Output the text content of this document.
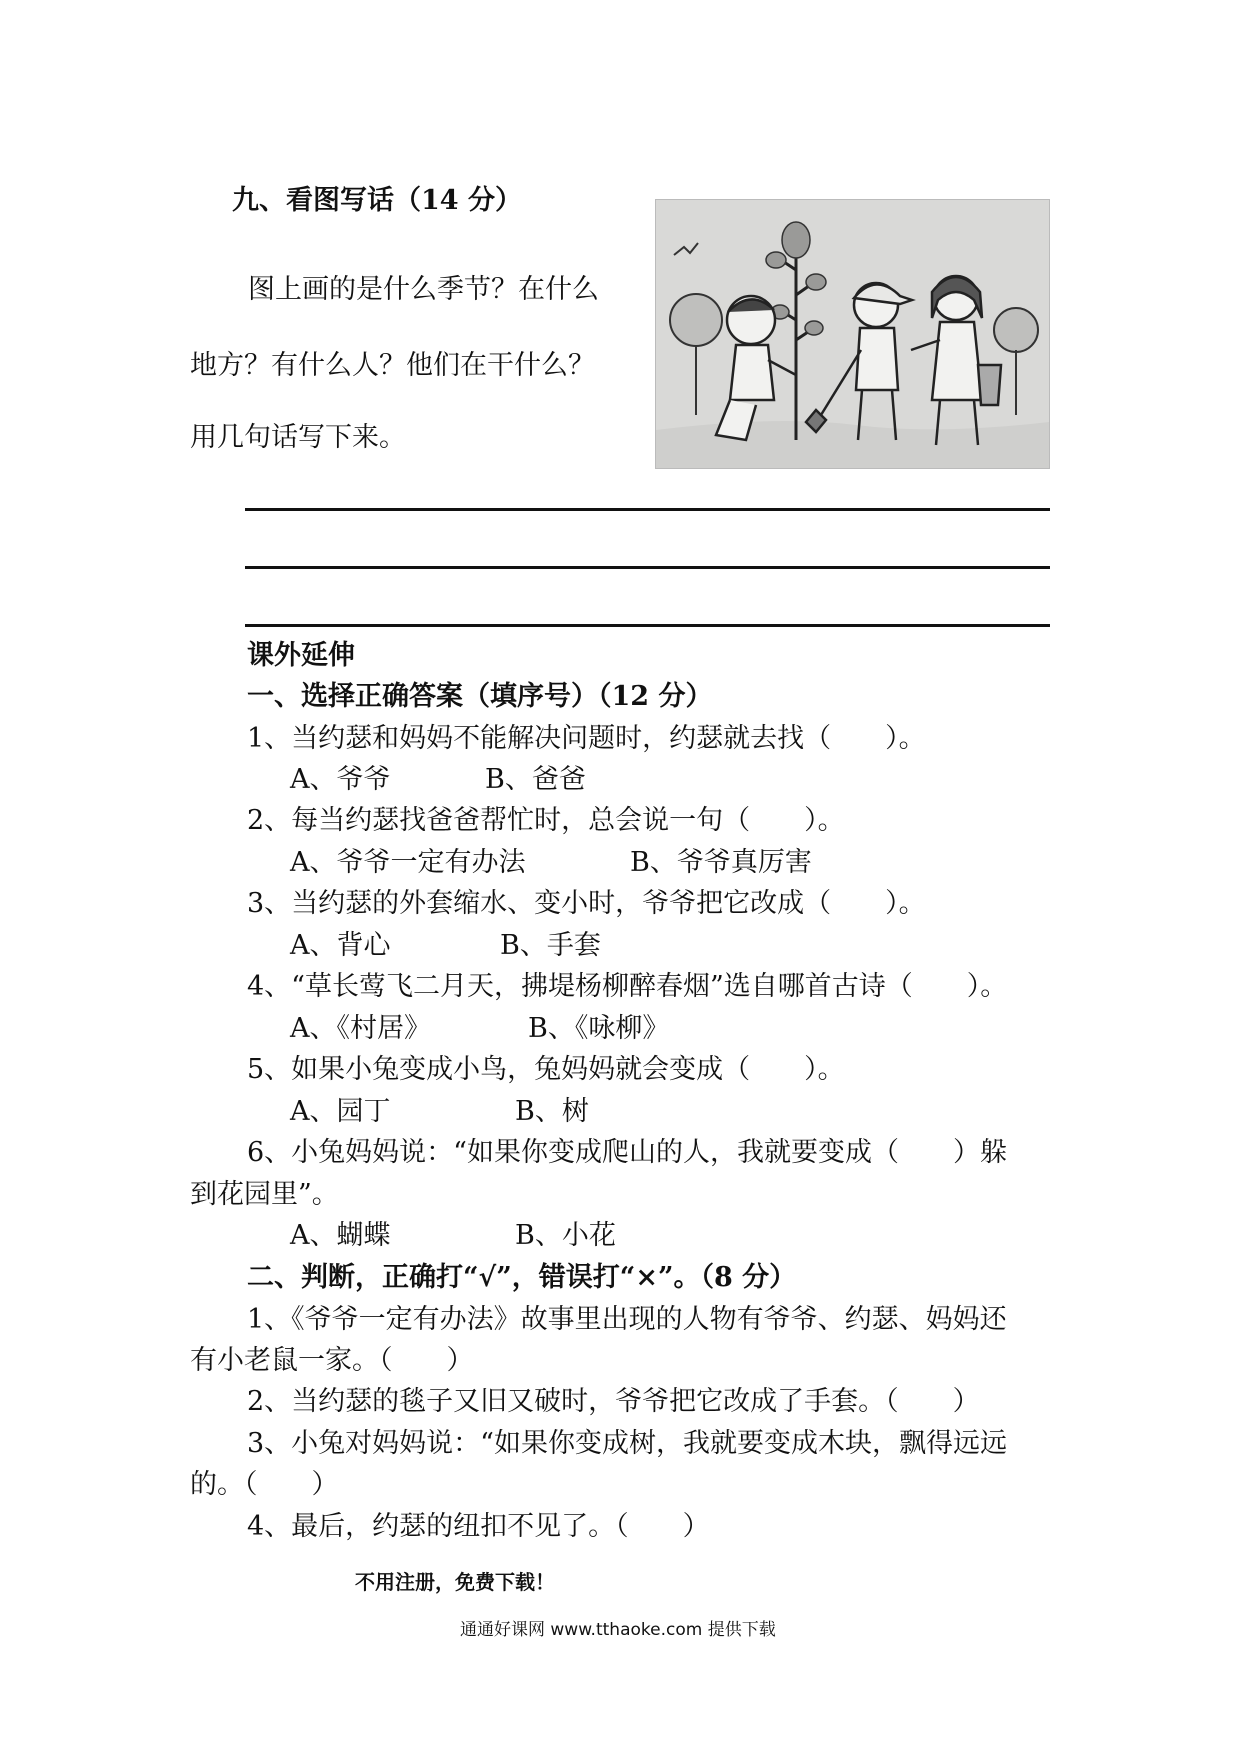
九、看图写话（14 分）
图上画的是什么季节？在什么
地方？有什么人？他们在干什么？
用几句话写下来。
课外延伸
一、选择正确答案（填序号）（12 分）
1、当约瑟和妈妈不能解决问题时，约瑟就去找（　　）。
A、爷爷	B、爸爸
2、每当约瑟找爸爸帮忙时，总会说一句（　　）。
A、爷爷一定有办法	B、爷爷真厉害
3、当约瑟的外套缩水、变小时，爷爷把它改成（　　）。
A、背心	B、手套
4、“草长莺飞二月天，拂堤杨柳醉春烟”选自哪首古诗（　　）。
A、《村居》	B、《咏柳》
5、如果小兔变成小鸟，兔妈妈就会变成（　　）。
A、园丁	B、树
6、小兔妈妈说：“如果你变成爬山的人，我就要变成（　　）躲
到花园里”。
A、蝴蝶	B、小花
二、判断，正确打“√”，错误打“×”。（8 分）
1、《爷爷一定有办法》故事里出现的人物有爷爷、约瑟、妈妈还
有小老鼠一家。（　　）
2、当约瑟的毯子又旧又破时，爷爷把它改成了手套。（　　）
3、小兔对妈妈说：“如果你变成树，我就要变成木块，飘得远远
的。（　　）
4、最后，约瑟的纽扣不见了。（　　）
不用注册，免费下载！
通通好课网 www.tthaoke.com 提供下载
